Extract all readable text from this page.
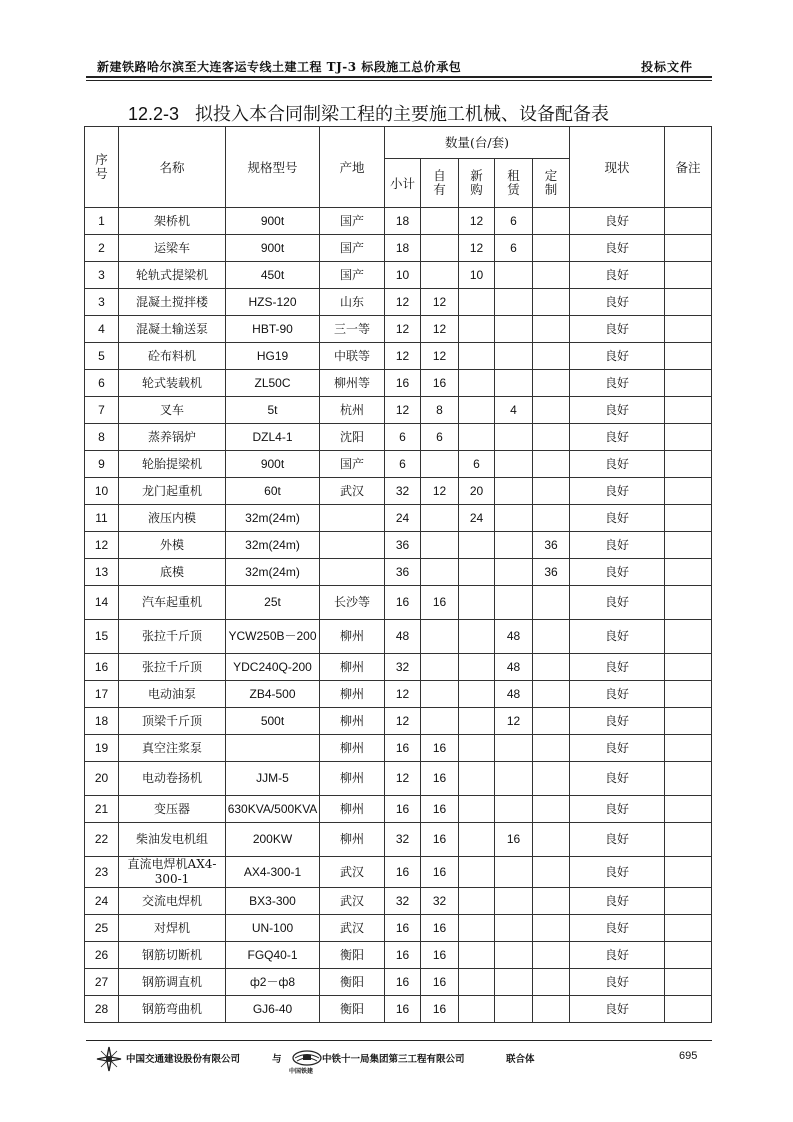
新建铁路哈尔滨至大连客运专线土建工程 TJ-3 标段施工总价承包	投标文件
12.2-3 拟投入本合同制梁工程的主要施工机械、设备配备表
序号	名称	规格型号	产地	数量(台/套)					现状	备注
				小计	自有	新购	租赁	定制		
1	架桥机	900t	国产	18		12	6		良好	
2	运梁车	900t	国产	18		12	6		良好	
3	轮轨式提梁机	450t	国产	10		10			良好	
3	混凝土搅拌楼	HZS-120	山东	12	12				良好	
4	混凝土输送泵	HBT-90	三一等	12	12				良好	
5	砼布料机	HG19	中联等	12	12				良好	
6	轮式装载机	ZL50C	柳州等	16	16				良好	
7	叉车	5t	杭州	12	8		4		良好	
8	蒸养锅炉	DZL4-1	沈阳	6	6				良好	
9	轮胎提梁机	900t	国产	6		6			良好	
10	龙门起重机	60t	武汉	32	12	20			良好	
11	液压内模	32m(24m)		24		24			良好	
12	外模	32m(24m)		36				36	良好	
13	底模	32m(24m)		36				36	良好	
14	汽车起重机	25t	长沙等	16	16				良好	
15	张拉千斤顶	YCW250B－200	柳州	48			48		良好	
16	张拉千斤顶	YDC240Q-200	柳州	32			48		良好	
17	电动油泵	ZB4-500	柳州	12			48		良好	
18	顶梁千斤顶	500t	柳州	12			12		良好	
19	真空注浆泵		柳州	16	16				良好	
20	电动卷扬机	JJM-5	柳州	12	16				良好	
21	变压器	630KVA/500KVA	柳州	16	16				良好	
22	柴油发电机组	200KW	柳州	32	16		16		良好	
23	直流电焊机AX4-300-1	AX4-300-1	武汉	16	16				良好	
24	交流电焊机	BX3-300	武汉	32	32				良好	
25	对焊机	UN-100	武汉	16	16				良好	
26	钢筋切断机	FGQ40-1	衡阳	16	16				良好	
27	钢筋调直机	ф2－ф8	衡阳	16	16				良好	
28	钢筋弯曲机	GJ6-40	衡阳	16	16				良好	
中国交通建设股份有限公司	与
中国铁建
中铁十一局集团第三工程有限公司	联合体	695
